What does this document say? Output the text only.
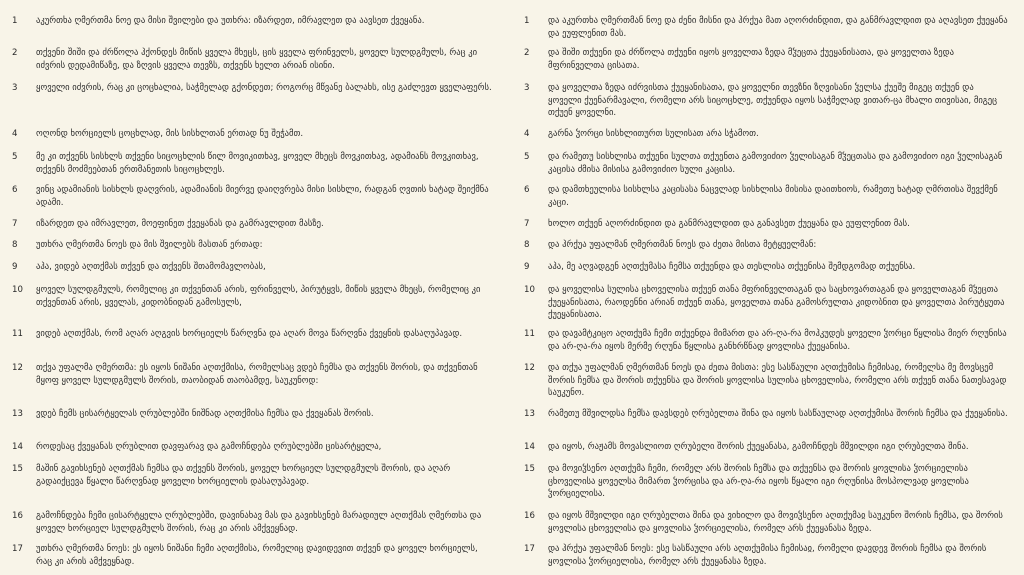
1	აკურთხა ღმერთმა ნოე და მისი შვილები და უთხრა: იზარდეთ, იმრავლეთ და აავსეთ ქვეყანა.
2	თქვენი შიში და ძრწოლა ჰქონდეს მიწის ყველა მხეცს, ცის ყველა ფრინველს, ყოველ სულდგმულს, რაც კი იძვრის დედამიწაზე, და ზღვის ყველა თევზს, თქვენს ხელთ არიან ისინი.
3	ყოველი იძვრის, რაც კი ცოცხალია, საჭმელად გქონდეთ; როგორც მწვანე ბალახს, ისე გაძლევთ ყველაფერს.
4	ოღონდ ხორციელს ცოცხლად, მის სისხლთან ერთად ნუ შეჭამთ.
5	მე კი თქვენს სისხლს თქვენი სიცოცხლის წილ მოვიკითხავ, ყოველ მხეცს მოვკითხავ, ადამიანს მოვკითხავ, თქვენს მოძმეებთან ერთმანეთის სიცოცხლეს.
6	ვინც ადამიანის სისხლს დაღვრის, ადამიანის მიერვე დაიღვრება მისი სისხლი, რადგან ღვთის ხატად შეიქმნა ადამი.
7	იზარდეთ და იმრავლეთ, მოეფინეთ ქვეყანას და გამრავლდით მასზე.
8	უთხრა ღმერთმა ნოეს და მის შვილებს მასთან ერთად:
9	აჰა, ვიდებ აღთქმას თქვენ და თქვენს შთამომავლობას,
10	ყოველ სულდგმულს, რომელიც კი თქვენთან არის, ფრინველს, პირუტყვს, მიწის ყველა მხეცს, რომელიც კი თქვენთან არის, ყველას, კიდობნიდან გამოსულს,
11	ვიდებ აღთქმას, რომ აღარ აღგვის ხორციელს წარღვნა და აღარ მოვა წარღვნა ქვეყნის დასაღუპავად.
12	თქვა უფალმა ღმერთმა: ეს იყოს ნიშანი აღთქმისა, რომელსაც ვდებ ჩემსა და თქვენს შორის, და თქვენთან მყოფ ყოველ სულდგმულს შორის, თაობიდან თაობამდე, საუკუნოდ:
13	ვდებ ჩემს ცისარტყელას ღრუბლებში ნიშნად აღთქმისა ჩემსა და ქვეყანას შორის.
14	როდესაც ქვეყანას ღრუბლით დავფარავ და გამოჩნდება ღრუბლებში ცისარტყელა,
15	მაშინ გავიხსენებ აღთქმას ჩემსა და თქვენს შორის, ყოველ ხორციელ სულდგმულს შორის, და აღარ გადაიქცევა წყალი წარღვნად ყოველი ხორციელის დასაღუპავად.
16	გამოჩნდება ჩემი ცისარტყელა ღრუბლებში, დავინახავ მას და გავიხსენებ მარადიულ აღთქმას ღმერთსა და ყოველ ხორციელ სულდგმულს შორის, რაც კი არის ამქვეყნად.
17	უთხრა ღმერთმა ნოეს: ეს იყოს ნიშანი ჩემი აღთქმისა, რომელიც დავიდევით თქვენ და ყოველ ხორციელს, რაც კი არის ამქვეყნად.
1	და აკურთხა ღმერთმან ნოე და ძენი მისნი და ჰრქუა მათ აღორძინდით, და განმრავლდით და აღავსეთ ქუეყანა და ეუფლენით მას.
2	და შიში თქუენი და ძრწოლა თქუენი იყოს ყოველთა ზედა მჴეცთა ქუეყანისათა, და ყოველთა ზედა მფრინველთა ცისათა.
3	და ყოველთა ზედა იძრვისთა ქუეყანისათა, და ყოველნი თევზნი ზღვისანი ჴელსა ქუეშე მიგეც თქუენ და ყოველი ქუენარმავალი, რომელი არს სიცოცხლე, თქუენდა იყოს საჭმელად ვითარ-ცა მხალი თივისაი, მიგეც თქუენ ყოველნი.
4	გარნა ჴორცი სისხლითურთ სულისათ არა სჭამოთ.
5	და რამეთუ სისხლისა თქუენი სულთა თქუენთა გამოვიძიო ჴელისაგან მჴეცთასა და გამოვიძიო იგი ჴელისაგან კაცისა ძმისა მისისა გამოვიძიო სული კაცისა.
6	და დამთხეულისა სისხლსა კაცისასა ნაცვლად სისხლისა მისისა დაითხიოს, რამეთუ ხატად ღმრთისა შევქმენ კაცი.
7	ხოლო თქუენ აღორძინდით და განმრავლდით და განავსეთ ქუეყანა და ეუფლენით მას.
8	და ჰრქუა უფალმან ღმერთმან ნოეს და ძეთა მისთა მეტყუელმან:
9	აჰა, მე აღვადგენ აღთქუმასა ჩემსა თქუენდა და თესლისა თქუენისა შემდგომად თქუენსა.
10	და ყოველისა სულისა ცხოველისა თქუენ თანა მფრინველთაგან და საცხოვართაგან და ყოველთაგან მჴეცთა ქუეყანისათა, რაოდენნი არიან თქუენ თანა, ყოველთა თანა გამოსრულთა კიდობნით და ყოველთა პირუტყუთა ქუეყანისათა.
11	და დავამტკიცო აღთქუმა ჩემი თქუენდა მიმართ და არ-ღა-რა მოჰკუდეს ყოველი ჴორცი წყლისა მიერ რღუნისა და არ-ღა-რა იყოს მერმე რღუნა წყლისა განხრწნად ყოვლისა ქუეყანისა.
12	და თქუა უფალმან ღმერთმან ნოეს და ძეთა მისთა: ესე სასწაული აღთქუმისა ჩემისაჲ, რომელსა მე მოვსცემ შორის ჩემსა და შორის თქუენსა და შორის ყოვლისა სულისა ცხოველისა, რომელი არს თქუენ თანა ნათესავად საუკუნო.
13	რამეთუ მშვილდსა ჩემსა დავსდებ ღრუბელთა შინა და იყოს სასწაულად აღთქუმისა შორის ჩემსა და ქუეყანისა.
14	და იყოს, რაჟამს მოვასლიოთ ღრუბელი შორის ქუეყანასა, გამოჩნდეს მშვილდი იგი ღრუბელთა შინა.
15	და მოვიჴსენო აღთქუმა ჩემი, რომელ არს შორის ჩემსა და თქუენსა და შორის ყოვლისა ჴორციელისა ცხოველისა ყოველსა მიმართ ჴორცისა და არ-ღა-რა იყოს წყალი იგი რღუნისა მოსპოლვად ყოვლისა ჴორციელისა.
16	და იყოს მშვილდი იგი ღრუბელთა შინა და ვიხილო და მოვიჴსენო აღთქუმაჲ საუკუნო შორის ჩემსა, და შორის ყოვლისა ცხოველისა და ყოვლისა ჴორციელისა, რომელ არს ქუეყანასა ზედა.
17	და ჰრქუა უფალმან ნოეს: ესე სასწაული არს აღთქუმისა ჩემისაჲ, რომელი დავდევ შორის ჩემსა და შორის ყოვლისა ჴორციელისა, რომელ არს ქუეყანასა ზედა.
